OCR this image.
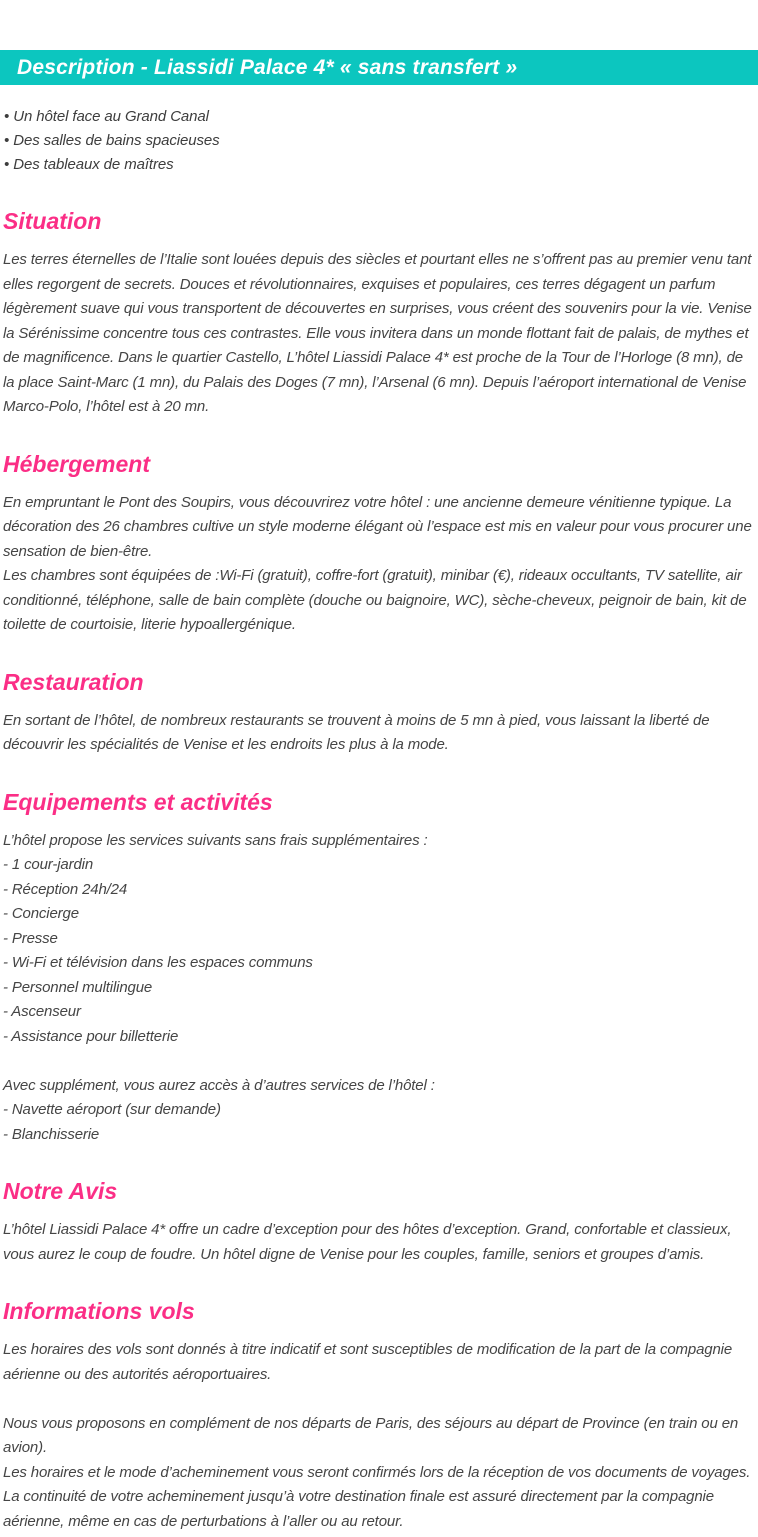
Description - Liassidi Palace 4* « sans transfert »
• Un hôtel face au Grand Canal
• Des salles de bains spacieuses
• Des tableaux de maîtres
Situation

Les terres éternelles de l’Italie sont louées depuis des siècles et pourtant elles ne s’offrent pas au premier venu tant elles regorgent de secrets. Douces et révolutionnaires, exquises et populaires, ces terres dégagent un parfum légèrement suave qui vous transportent de découvertes en surprises, vous créent des souvenirs pour la vie. Venise la Sérénissime concentre tous ces contrastes. Elle vous invitera dans un monde flottant fait de palais, de mythes et de magnificence. Dans le quartier Castello, L’hôtel Liassidi Palace 4* est proche de la Tour de l’Horloge (8 mn), de la place Saint-Marc (1 mn), du Palais des Doges (7 mn), l’Arsenal (6 mn). Depuis l’aéroport international de Venise Marco-Polo, l’hôtel est à 20 mn.

Hébergement

En empruntant le Pont des Soupirs, vous découvrirez votre hôtel : une ancienne demeure vénitienne typique. La décoration des 26 chambres cultive un style moderne élégant où l’espace est mis en valeur pour vous procurer une sensation de bien-être.

Les chambres sont équipées de :Wi-Fi (gratuit), coffre-fort (gratuit), minibar (€), rideaux occultants, TV satellite, air conditionné, téléphone, salle de bain complète (douche ou baignoire, WC), sèche-cheveux, peignoir de bain, kit de toilette de courtoisie, literie hypoallergénique.

Restauration

En sortant de l’hôtel, de nombreux restaurants se trouvent à moins de 5 mn à pied, vous laissant la liberté de découvrir les spécialités de Venise et les endroits les plus à la mode.

Equipements et activités

L’hôtel propose les services suivants sans frais supplémentaires :

- 1 cour-jardin

- Réception 24h/24

- Concierge

- Presse

- Wi-Fi et télévision dans les espaces communs

- Personnel multilingue

- Ascenseur

- Assistance pour billetterie

Avec supplément, vous aurez accès à d’autres services de l’hôtel :

- Navette aéroport (sur demande)

- Blanchisserie

Notre Avis

L’hôtel Liassidi Palace 4* offre un cadre d’exception pour des hôtes d’exception. Grand, confortable et classieux, vous aurez le coup de foudre. Un hôtel digne de Venise pour les couples, famille, seniors et groupes d’amis.

Informations vols

Les horaires des vols sont donnés à titre indicatif et sont susceptibles de modification de la part de la compagnie aérienne ou des autorités aéroportuaires.

Nous vous proposons en complément de nos départs de Paris, des séjours au départ de Province (en train ou en avion).

Les horaires et le mode d’acheminement vous seront confirmés lors de la réception de vos documents de voyages.

La continuité de votre acheminement jusqu’à votre destination finale est assuré directement par la compagnie aérienne, même en cas de perturbations à l’aller ou au retour.
